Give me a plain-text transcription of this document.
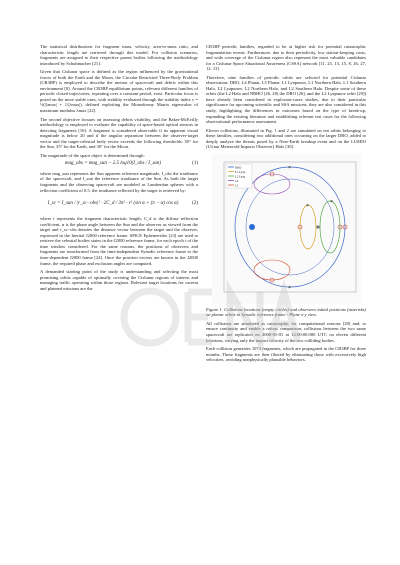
The statistical distributions for fragment mass, velocity, area-to-mass ratio, and characteristic length are retrieved through this model. For collision scenarios, fragments are assigned to their respective parent bodies following the methodology introduced by Schuhmacher [21].

Given that Cislunar space is defined as the region influenced by the gravitational forces of both the Earth and the Moon, the Circular Restricted Three-Body Problem (CR3BP) is employed to describe the motion of spacecraft and debris within this environment [8]. Around the CR3BP equilibrium points, relevant different families of periodic closed trajectories, repeating over a constant period, exist. Particular focus is posed on the more stable ones, with stability evaluated through the stability index ν = ½(|λmax| + 1/|λmax|), defined exploiting the Monodromy Matrix eigenvalue of maximum modulus λmax [22].

The second objective focuses on assessing debris visibility, and the Baker-McEvilly methodology is employed to evaluate the capability of space-based optical sensors in detecting fragments [16]. A fragment is considered observable if its apparent visual magnitude is below 20 and if the angular separation between the observer-target vector and the target-celestial body vector exceeds the following thresholds: 50° for the Sun, 35° for the Earth, and 30° for the Moon.

The magnitude of the space object is determined through:

mag_obs = mag_sun − 2.5 log10(I_obs / I_sun)	(1)

where mag_sun represents the Sun apparent reference magnitude, I_obs the irradiance of the spacecraft, and I_sun the reference irradiance of the Sun. As both the target fragments and the observing spacecraft are modeled as Lambertian spheres with a reflection coefficient of 0.5, the irradiance reflected by the target is retrieved by:

I_sc = I_sun / |r_sc−obs|² · 2C_d / 3π² · r² (sin α + (π − α) cos α)	(2)

where r represents the fragment characteristic length, C_d is the diffuse reflection coefficient, α is the phase angle between the Sun and the observer as viewed from the target and r_sc−obs denotes the distance vector between the target and the observer, expressed in the Inertial J2000 reference frame. SPICE Ephemerides [23] are used to retrieve the celestial bodies states in the J2000 reference frame, for each epoch t of the time window considered. For the same reasons, the positions of observers and fragments are transformed from the time-independent Synodic reference frame to the time-dependent J2000 frame [24]. Once the position vectors are known in the J2000 frame, the required phase and exclusion angles are computed.

A demanded starting point of the study is understanding and selecting the most promising orbits capable of optimally covering the Cislunar regions of interest and managing traffic operating within those regions. Relevant target locations for current and planned missions are the

CR3BP periodic families, regarded to be at higher risk for potential catastrophic fragmentation events. Furthermore, due to their periodicity, low station-keeping costs, and wide coverage of the Cislunar region also represent the most valuable candidates for a Cislunar Space Situational Awareness (CSSA) network [11, 25, 13, 15, 8, 26, 27, 12, 13].

Therefore, nine families of periodic orbits are selected for potential Cislunar observation: DRO, L4 Planar, L5 Planar, L1 Lyapunov, L1 Northern Halo, L1 Southern Halo, L2 Lyapunov, L2 Northern Halo, and L2 Southern Halo. Despite some of these orbits (the L2 Halo and NRHO [26, 28] the DRO [26], and the L2 Lyapunov orbit [29]) have already been considered in explosion-cases studies, due to their particular significance for upcoming scientific and SSA missions, they are also considered in this study, highlighting the differences in outcomes based on the type of break-up, expanding the existing literature and establishing relevant test cases for the following observational performance assessment.

Eleven collisions, illustrated in Fig. 1 and 2 are simulated on ten orbits belonging to these families, considering two additional ones occurring on the larger DRO, added to deeply analyze the threats posed by a Near-Earth breakup event and on the LUMIO (LUnar Meteoroid Impacts Observer) Halo [30].

*
*
*
*
DRO
L1 Lyap.
L2 Lyap.
L4
L5

Figure 1. Collisions locations (empty circles) and observers initial positions (asterisks) on planar orbits in Synodic reference frame - Plane x-y view.

All collisions are simulated as catastrophic for computational reasons [20] and, to ensure continuity and enable a robust comparison, collisions between the two same spacecraft are replicated on 2000-01-01 at 12:00:00.000 UTC on eleven different locations, varying only the impact velocity of the two colliding bodies.

Each collision generates 1074 fragments, which are propagated in the CR3BP for three months. These fragments are then filtered by eliminating those with excessively high velocities, avoiding nonphysically plausible behaviors.
